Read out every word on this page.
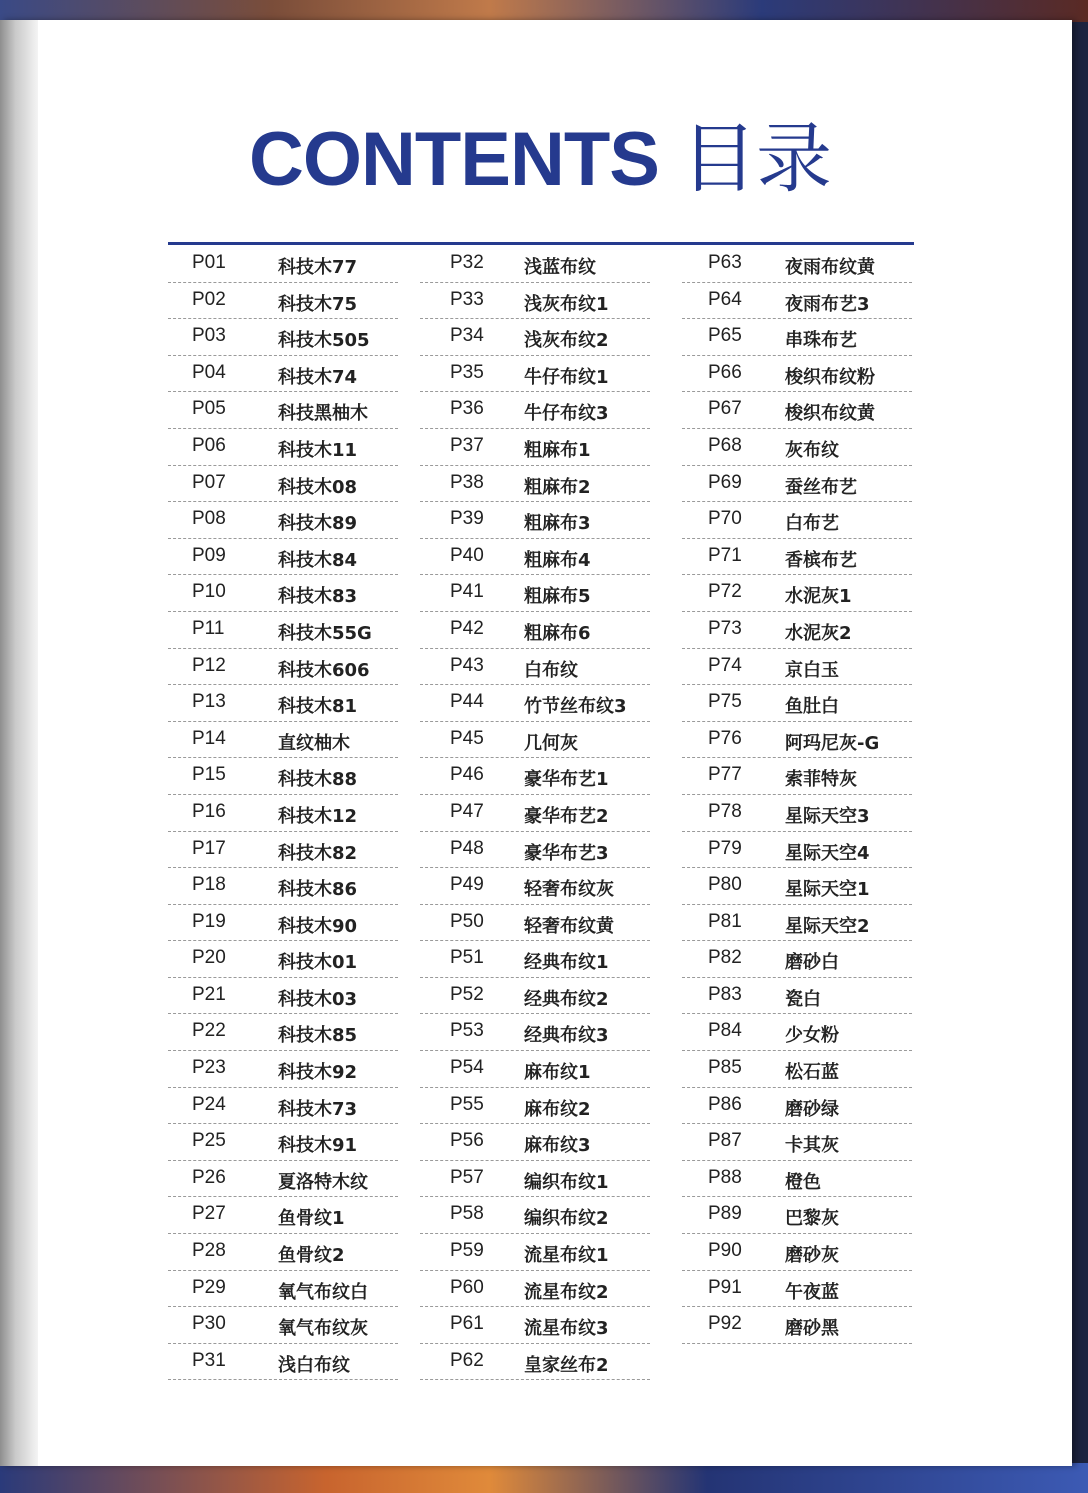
CONTENTS 目录
P01	科技木77
P02	科技木75
P03	科技木505
P04	科技木74
P05	科技黑柚木
P06	科技木11
P07	科技木08
P08	科技木89
P09	科技木84
P10	科技木83
P11	科技木55G
P12	科技木606
P13	科技木81
P14	直纹柚木
P15	科技木88
P16	科技木12
P17	科技木82
P18	科技木86
P19	科技木90
P20	科技木01
P21	科技木03
P22	科技木85
P23	科技木92
P24	科技木73
P25	科技木91
P26	夏洛特木纹
P27	鱼骨纹1
P28	鱼骨纹2
P29	氧气布纹白
P30	氧气布纹灰
P31	浅白布纹
P32	浅蓝布纹
P33	浅灰布纹1
P34	浅灰布纹2
P35	牛仔布纹1
P36	牛仔布纹3
P37	粗麻布1
P38	粗麻布2
P39	粗麻布3
P40	粗麻布4
P41	粗麻布5
P42	粗麻布6
P43	白布纹
P44	竹节丝布纹3
P45	几何灰
P46	豪华布艺1
P47	豪华布艺2
P48	豪华布艺3
P49	轻奢布纹灰
P50	轻奢布纹黄
P51	经典布纹1
P52	经典布纹2
P53	经典布纹3
P54	麻布纹1
P55	麻布纹2
P56	麻布纹3
P57	编织布纹1
P58	编织布纹2
P59	流星布纹1
P60	流星布纹2
P61	流星布纹3
P62	皇家丝布2
P63	夜雨布纹黄
P64	夜雨布艺3
P65	串珠布艺
P66	梭织布纹粉
P67	梭织布纹黄
P68	灰布纹
P69	蚕丝布艺
P70	白布艺
P71	香槟布艺
P72	水泥灰1
P73	水泥灰2
P74	京白玉
P75	鱼肚白
P76	阿玛尼灰-G
P77	索菲特灰
P78	星际天空3
P79	星际天空4
P80	星际天空1
P81	星际天空2
P82	磨砂白
P83	瓷白
P84	少女粉
P85	松石蓝
P86	磨砂绿
P87	卡其灰
P88	橙色
P89	巴黎灰
P90	磨砂灰
P91	午夜蓝
P92	磨砂黑
